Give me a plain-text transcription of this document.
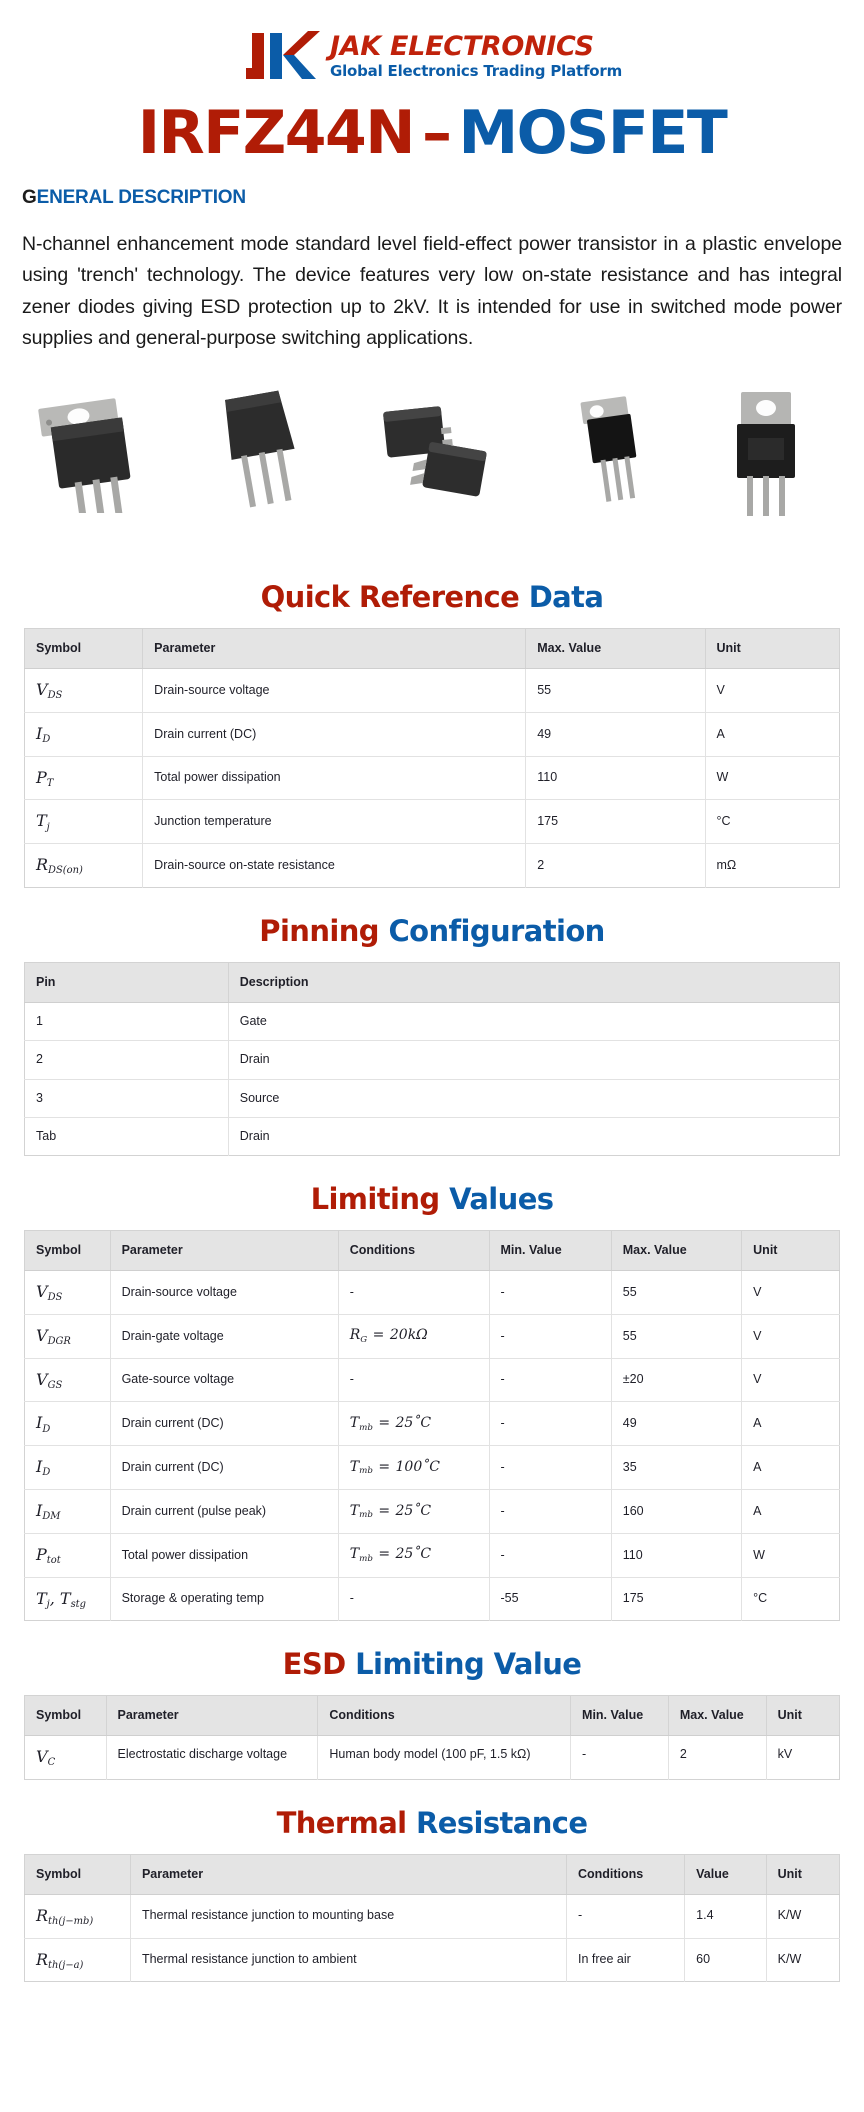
JAK ELECTRONICS
Global Electronics Trading Platform
IRFZ44N – MOSFET
GENERAL DESCRIPTION

N-channel enhancement mode standard level field-effect power transistor in a plastic envelope using 'trench' technology. The device features very low on-state resistance and has integral zener diodes giving ESD protection up to 2kV. It is intended for use in switched mode power supplies and general-purpose switching applications.

Quick Reference Data
Symbol	Parameter	Max. Value	Unit
$V_{DS}$	Drain-source voltage	55	V
$I_D$	Drain current (DC)	49	A
$P_T$	Total power dissipation	110	W
$T_j$	Junction temperature	175	°C
$R_{DS(on)}$	Drain-source on-state resistance	2	mΩ
Pinning Configuration
Pin	Description
1	Gate
2	Drain
3	Source
Tab	Drain
Limiting Values
Symbol	Parameter	Conditions	Min. Value	Max. Value	Unit
$V_{DS}$	Drain-source voltage	-	-	55	V
$V_{DGR}$	Drain-gate voltage	$R_G = 20k\Omega$	-	55	V
$V_{GS}$	Gate-source voltage	-	-	±20	V
$I_D$	Drain current (DC)	$T_{mb}$ = 25˚C	-	49	A
$I_D$	Drain current (DC)	$T_{mb}$ = 100˚C	-	35	A
$I_{DM}$	Drain current (pulse peak)	$T_{mb}$ = 25˚C	-	160	A
$P_{tot}$	Total power dissipation	$T_{mb}$ = 25˚C	-	110	W
$T_j$, $T_{stg}$	Storage & operating temp	-	-55	175	°C
ESD Limiting Value
Symbol	Parameter	Conditions	Min. Value	Max. Value	Unit
$V_C$	Electrostatic discharge voltage	Human body model (100 pF, 1.5 kΩ)	-	2	kV
Thermal Resistance
Symbol	Parameter	Conditions	Value	Unit
$R_{th(j-mb)}$	Thermal resistance junction to mounting base	-	1.4	K/W
$R_{th(j-a)}$	Thermal resistance junction to ambient	In free air	60	K/W
